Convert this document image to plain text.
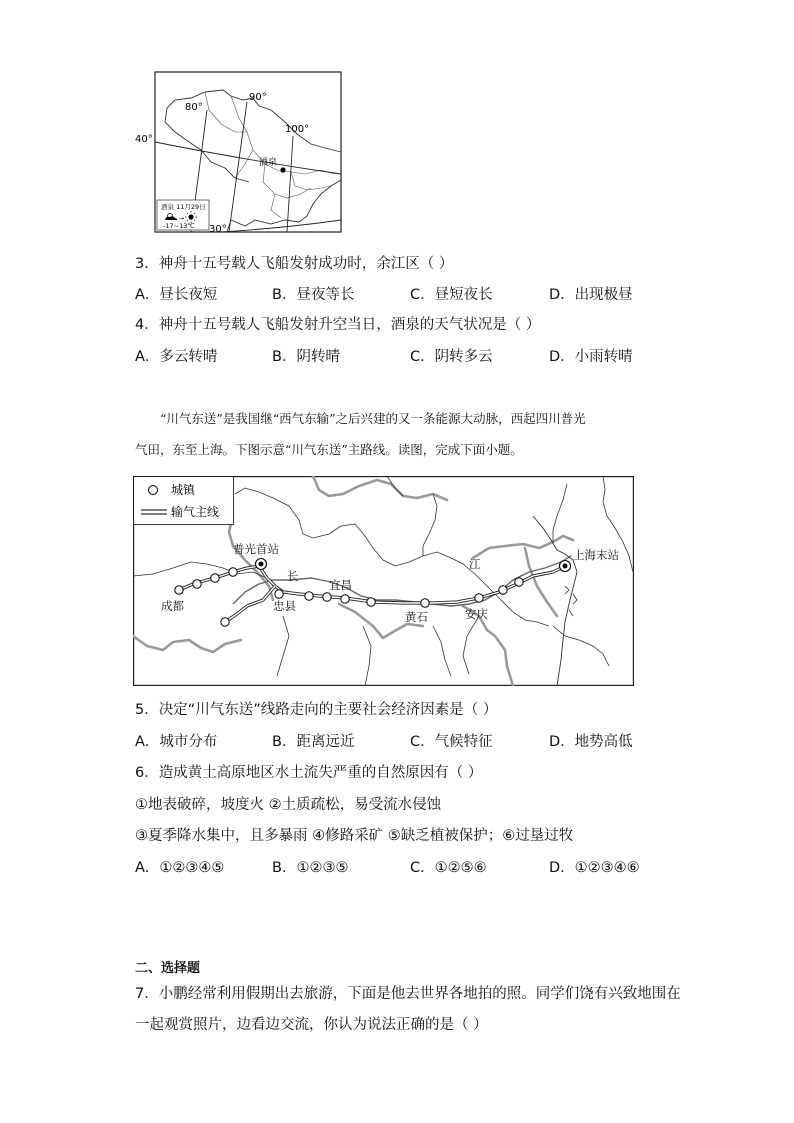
酒泉
40°
80°
90°
100°
30°
酒泉 11月29日
→
-17~13℃
3．神舟十五号载人飞船发射成功时，余江区（ ）
A．昼长夜短	B．昼夜等长	C．昼短夜长	D．出现极昼
4．神舟十五号载人飞船发射升空当日，酒泉的天气状况是（ ）
A．多云转晴	B．阴转晴	C．阴转多云	D．小雨转晴
“川气东送”是我国继“西气东输”之后兴建的又一条能源大动脉，西起四川普光
气田，东至上海。下图示意“川气东送”主路线。读图，完成下面小题。
普光首站
成都	忠县
长
宜昌
江
黄石	安庆
上海末站
城镇
输气主线
5．决定“川气东送”线路走向的主要社会经济因素是（ ）
A．城市分布	B．距离远近	C．气候特征	D．地势高低
6．造成黄土高原地区水土流失严重的自然原因有（ ）
①地表破碎，坡度火 ②土质疏松，易受流水侵蚀
③夏季降水集中，且多暴雨 ④修路采矿 ⑤缺乏植被保护；⑥过垦过牧
A．①②③④⑤	B．①②③⑤	C．①②⑤⑥	D．①②③④⑥
二、选择题
7．小鹏经常利用假期出去旅游，下面是他去世界各地拍的照。同学们饶有兴致地围在
一起观赏照片，边看边交流，你认为说法正确的是（ ）
